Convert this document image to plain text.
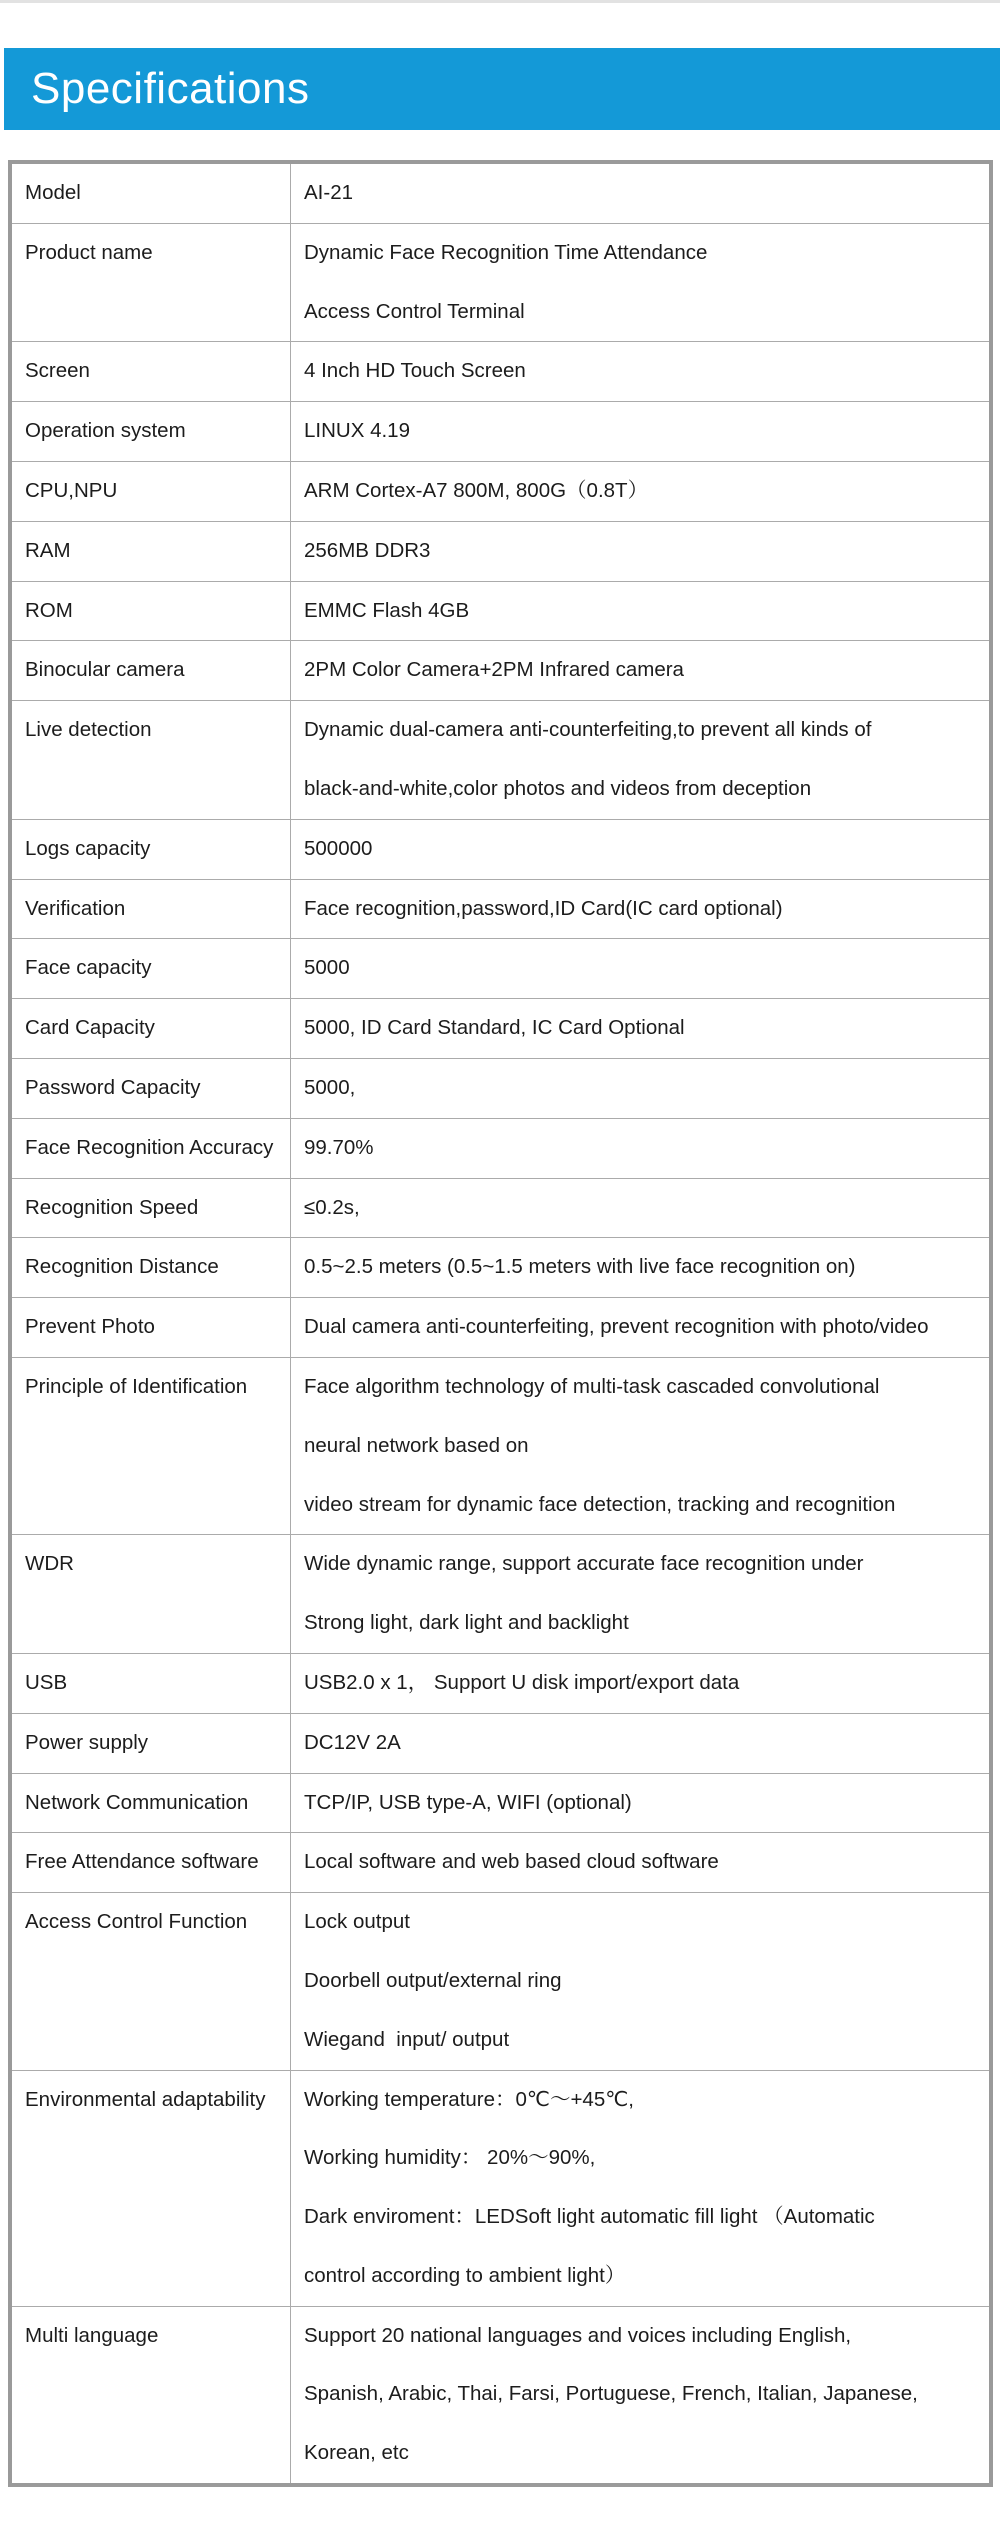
Specifications
Model	AI-21
Product name	Dynamic Face Recognition Time Attendance
Access Control Terminal
Screen	4 Inch HD Touch Screen
Operation system	LINUX 4.19
CPU,NPU	ARM Cortex-A7 800M, 800G（0.8T）
RAM	256MB DDR3
ROM	EMMC Flash 4GB
Binocular camera	2PM Color Camera+2PM Infrared camera
Live detection	Dynamic dual-camera anti-counterfeiting,to prevent all kinds of
black-and-white,color photos and videos from deception
Logs capacity	500000
Verification	Face recognition,password,ID Card(IC card optional)
Face capacity	5000
Card Capacity	5000, ID Card Standard, IC Card Optional
Password Capacity	5000,
Face Recognition Accuracy	99.70%
Recognition Speed	≤0.2s,
Recognition Distance	0.5~2.5 meters (0.5~1.5 meters with live face recognition on)
Prevent Photo	Dual camera anti-counterfeiting, prevent recognition with photo/video
Principle of Identification	Face algorithm technology of multi-task cascaded convolutional
neural network based on
video stream for dynamic face detection, tracking and recognition
WDR	Wide dynamic range, support accurate face recognition under
Strong light, dark light and backlight
USB	USB2.0 x 1， Support U disk import/export data
Power supply	DC12V 2A
Network Communication	TCP/IP, USB type-A, WIFI (optional)
Free Attendance software	Local software and web based cloud software
Access Control Function	Lock output
Doorbell output/external ring
Wiegand  input/ output
Environmental adaptability	Working temperature：0℃～+45℃,
Working humidity： 20%～90%,
Dark enviroment：LEDSoft light automatic fill light （Automatic
control according to ambient light）
Multi language	Support 20 national languages and voices including English,
Spanish, Arabic, Thai, Farsi, Portuguese, French, Italian, Japanese,
Korean, etc
